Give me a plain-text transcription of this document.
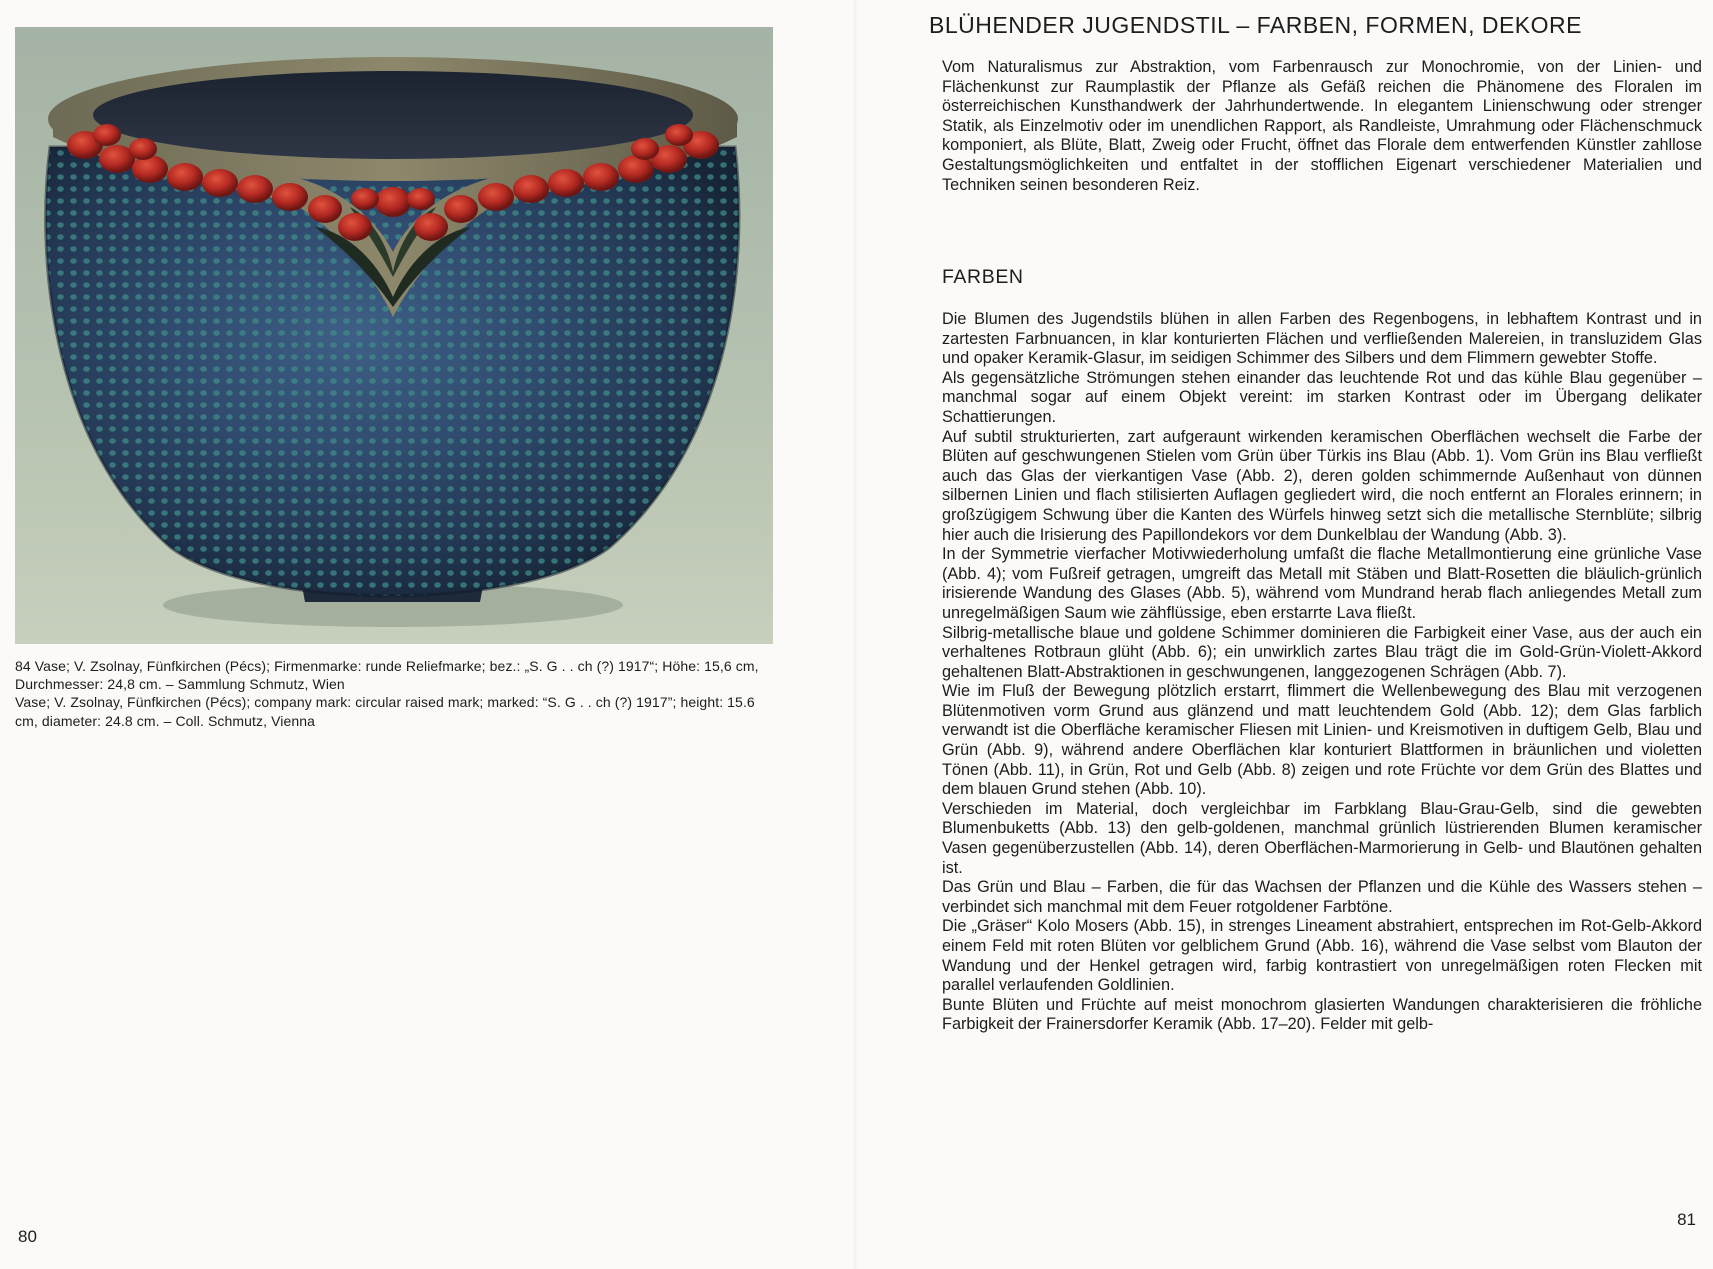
84 Vase; V. Zsolnay, Fünfkirchen (Pécs); Firmenmarke: runde Reliefmarke; bez.: „S. G . . ch (?) 1917“; Höhe: 15,6 cm, Durchmesser: 24,8 cm. – Sammlung Schmutz, Wien

Vase; V. Zsolnay, Fünfkirchen (Pécs); company mark: circular raised mark; marked: “S. G . . ch (?) 1917”; height: 15.6 cm, diameter: 24.8 cm. – Coll. Schmutz, Vienna

80
BLÜHENDER JUGENDSTIL – FARBEN, FORMEN, DEKORE

Vom Naturalismus zur Abstraktion, vom Farbenrausch zur Monochromie, von der Linien- und Flächenkunst zur Raumplastik der Pflanze als Gefäß reichen die Phänomene des Floralen im österreichischen Kunsthandwerk der Jahrhundertwende. In elegantem Linienschwung oder strenger Statik, als Einzelmotiv oder im unendlichen Rapport, als Randleiste, Umrahmung oder Flächenschmuck komponiert, als Blüte, Blatt, Zweig oder Frucht, öffnet das Florale dem entwerfenden Künstler zahllose Gestaltungsmöglichkeiten und entfaltet in der stofflichen Eigenart verschiedener Materialien und Techniken seinen besonderen Reiz.

FARBEN

Die Blumen des Jugendstils blühen in allen Farben des Regenbogens, in lebhaftem Kontrast und in zartesten Farbnuancen, in klar konturierten Flächen und verfließenden Malereien, in transluzidem Glas und opaker Keramik-Glasur, im seidigen Schimmer des Silbers und dem Flimmern gewebter Stoffe.

Als gegensätzliche Strömungen stehen einander das leuchtende Rot und das kühle Blau gegenüber – manchmal sogar auf einem Objekt vereint: im starken Kontrast oder im Übergang delikater Schattierungen.

Auf subtil strukturierten, zart aufgeraunt wirkenden keramischen Oberflächen wechselt die Farbe der Blüten auf geschwungenen Stielen vom Grün über Türkis ins Blau (Abb. 1). Vom Grün ins Blau verfließt auch das Glas der vierkantigen Vase (Abb. 2), deren golden schimmernde Außenhaut von dünnen silbernen Linien und flach stilisierten Auflagen gegliedert wird, die noch entfernt an Florales erinnern; in großzügigem Schwung über die Kanten des Würfels hinweg setzt sich die metallische Sternblüte; silbrig hier auch die Irisierung des Papillondekors vor dem Dunkelblau der Wandung (Abb. 3).

In der Symmetrie vierfacher Motivwiederholung umfaßt die flache Metallmontierung eine grünliche Vase (Abb. 4); vom Fußreif getragen, umgreift das Metall mit Stäben und Blatt-Rosetten die bläulich-grünlich irisierende Wandung des Glases (Abb. 5), während vom Mundrand herab flach anliegendes Metall zum unregelmäßigen Saum wie zähflüssige, eben erstarrte Lava fließt.

Silbrig-metallische blaue und goldene Schimmer dominieren die Farbigkeit einer Vase, aus der auch ein verhaltenes Rotbraun glüht (Abb. 6); ein unwirklich zartes Blau trägt die im Gold-Grün-Violett-Akkord gehaltenen Blatt-Abstraktionen in geschwungenen, langgezogenen Schrägen (Abb. 7).

Wie im Fluß der Bewegung plötzlich erstarrt, flimmert die Wellenbewegung des Blau mit verzogenen Blütenmotiven vorm Grund aus glänzend und matt leuchtendem Gold (Abb. 12); dem Glas farblich verwandt ist die Oberfläche keramischer Fliesen mit Linien- und Kreismotiven in duftigem Gelb, Blau und Grün (Abb. 9), während andere Oberflächen klar konturiert Blattformen in bräunlichen und violetten Tönen (Abb. 11), in Grün, Rot und Gelb (Abb. 8) zeigen und rote Früchte vor dem Grün des Blattes und dem blauen Grund stehen (Abb. 10).

Verschieden im Material, doch vergleichbar im Farbklang Blau-Grau-Gelb, sind die gewebten Blumenbuketts (Abb. 13) den gelb-goldenen, manchmal grünlich lüstrierenden Blumen keramischer Vasen gegenüberzustellen (Abb. 14), deren Oberflächen-Marmorierung in Gelb- und Blautönen gehalten ist.

Das Grün und Blau – Farben, die für das Wachsen der Pflanzen und die Kühle des Wassers stehen – verbindet sich manchmal mit dem Feuer rotgoldener Farbtöne.

Die „Gräser“ Kolo Mosers (Abb. 15), in strenges Lineament abstrahiert, entsprechen im Rot-Gelb-Akkord einem Feld mit roten Blüten vor gelblichem Grund (Abb. 16), während die Vase selbst vom Blauton der Wandung und der Henkel getragen wird, farbig kontrastiert von unregelmäßigen roten Flecken mit parallel verlaufenden Goldlinien.

Bunte Blüten und Früchte auf meist monochrom glasierten Wandungen charakterisieren die fröhliche Farbigkeit der Frainersdorfer Keramik (Abb. 17–20). Felder mit gelb-

81
